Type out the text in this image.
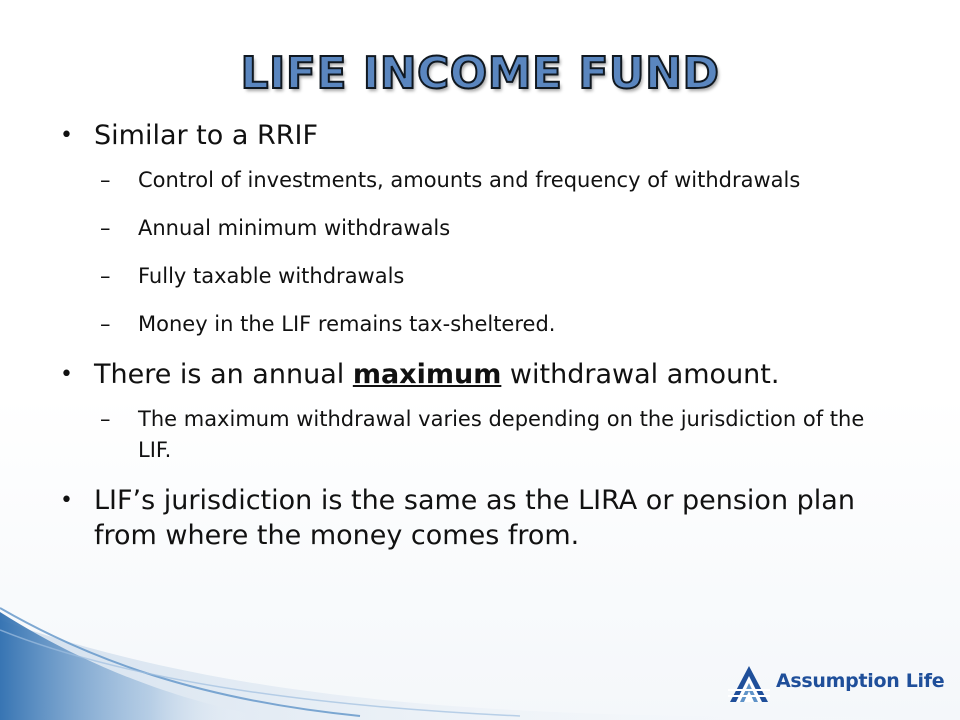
LIFE INCOME FUND
• Similar to a RRIF
– Control of investments, amounts and frequency of withdrawals
– Annual minimum withdrawals
– Fully taxable withdrawals
– Money in the LIF remains tax-sheltered.
• There is an annual maximum withdrawal amount.
– The maximum withdrawal varies depending on the jurisdiction of the LIF.
• LIF’s jurisdiction is the same as the LIRA or pension plan from where the money comes from.
Assumption Life
